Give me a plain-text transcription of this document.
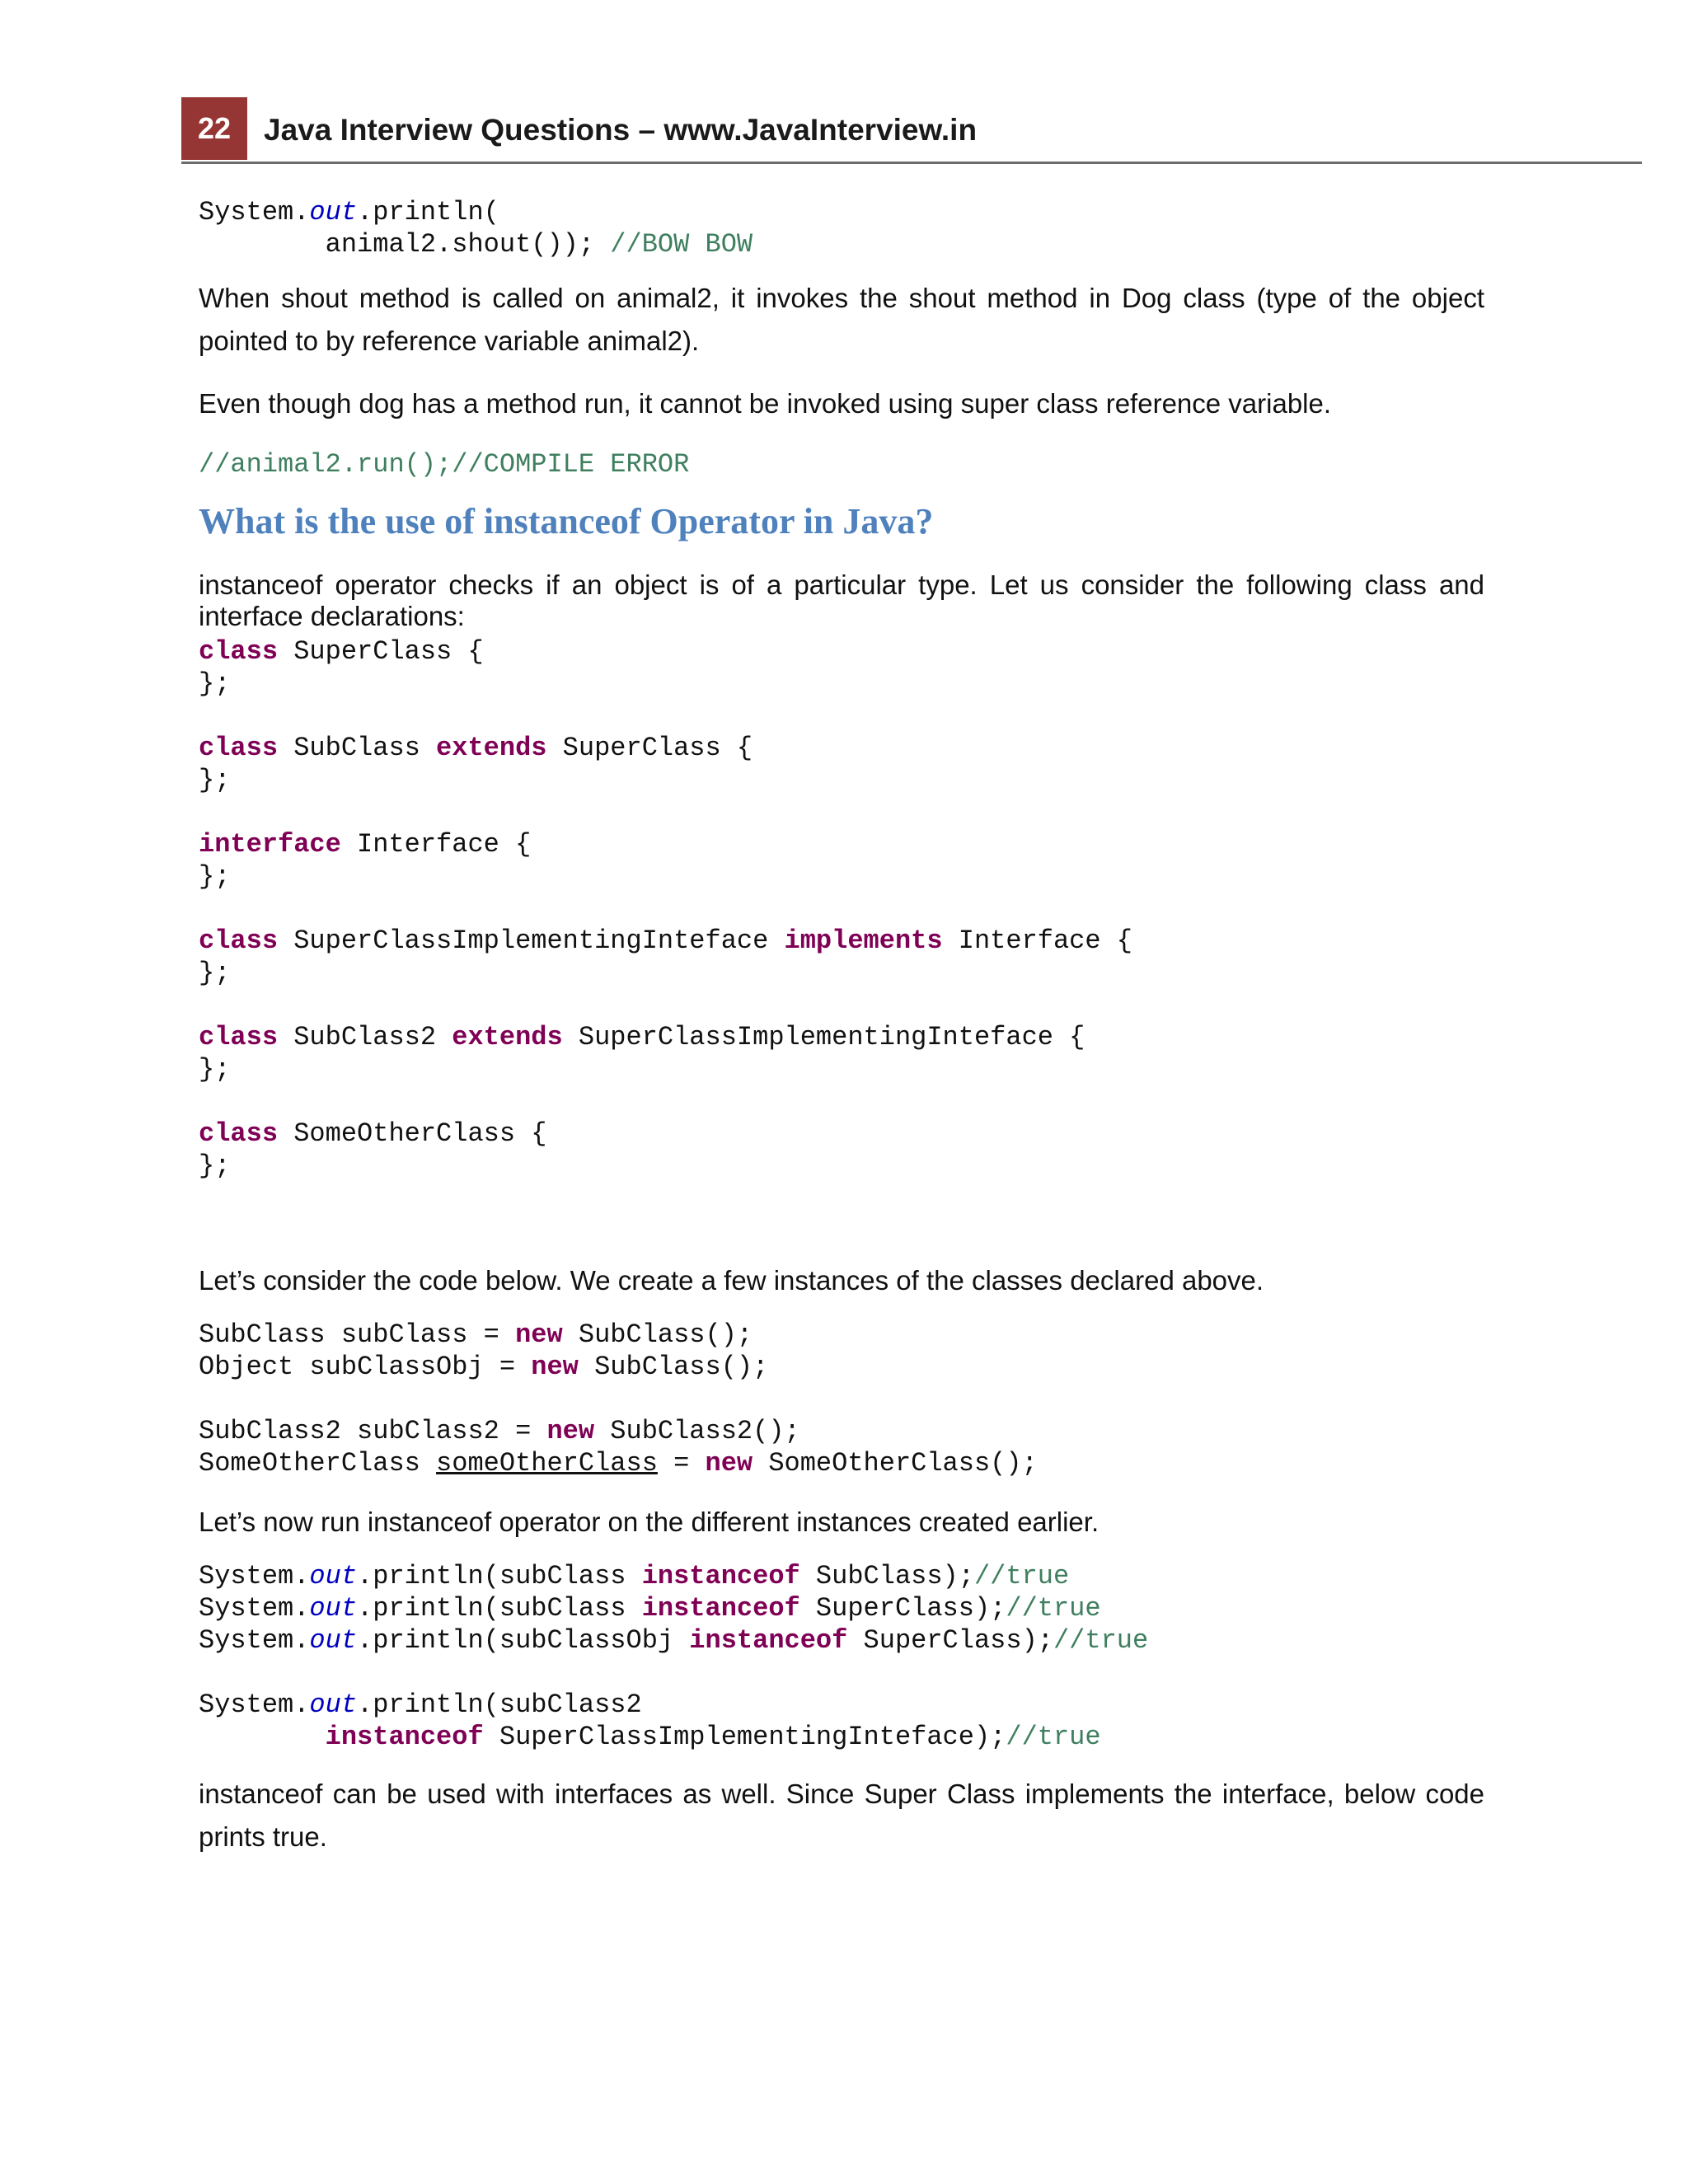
22	Java Interview Questions – www.JavaInterview.in
System.out.println(
animal2.shout()); //BOW BOW

When shout method is called on animal2, it invokes the shout method in Dog class (type of the object pointed to by reference variable animal2).

Even though dog has a method run, it cannot be invoked using super class reference variable.

//animal2.run();//COMPILE ERROR
What is the use of instanceof Operator in Java?

instanceof operator checks if an object is of a particular type. Let us consider the following class and interface declarations:

class SuperClass {
};

class SubClass extends SuperClass {
};

interface Interface {
};

class SuperClassImplementingInteface implements Interface {
};

class SubClass2 extends SuperClassImplementingInteface {
};

class SomeOtherClass {
};

Let’s consider the code below. We create a few instances of the classes declared above.

SubClass subClass = new SubClass();
Object subClassObj = new SubClass();

SubClass2 subClass2 = new SubClass2();
SomeOtherClass someOtherClass = new SomeOtherClass();

Let’s now run instanceof operator on the different instances created earlier.

System.out.println(subClass instanceof SubClass);//true
System.out.println(subClass instanceof SuperClass);//true
System.out.println(subClassObj instanceof SuperClass);//true

System.out.println(subClass2
instanceof SuperClassImplementingInteface);//true

instanceof can be used with interfaces as well. Since Super Class implements the interface, below code prints true.
